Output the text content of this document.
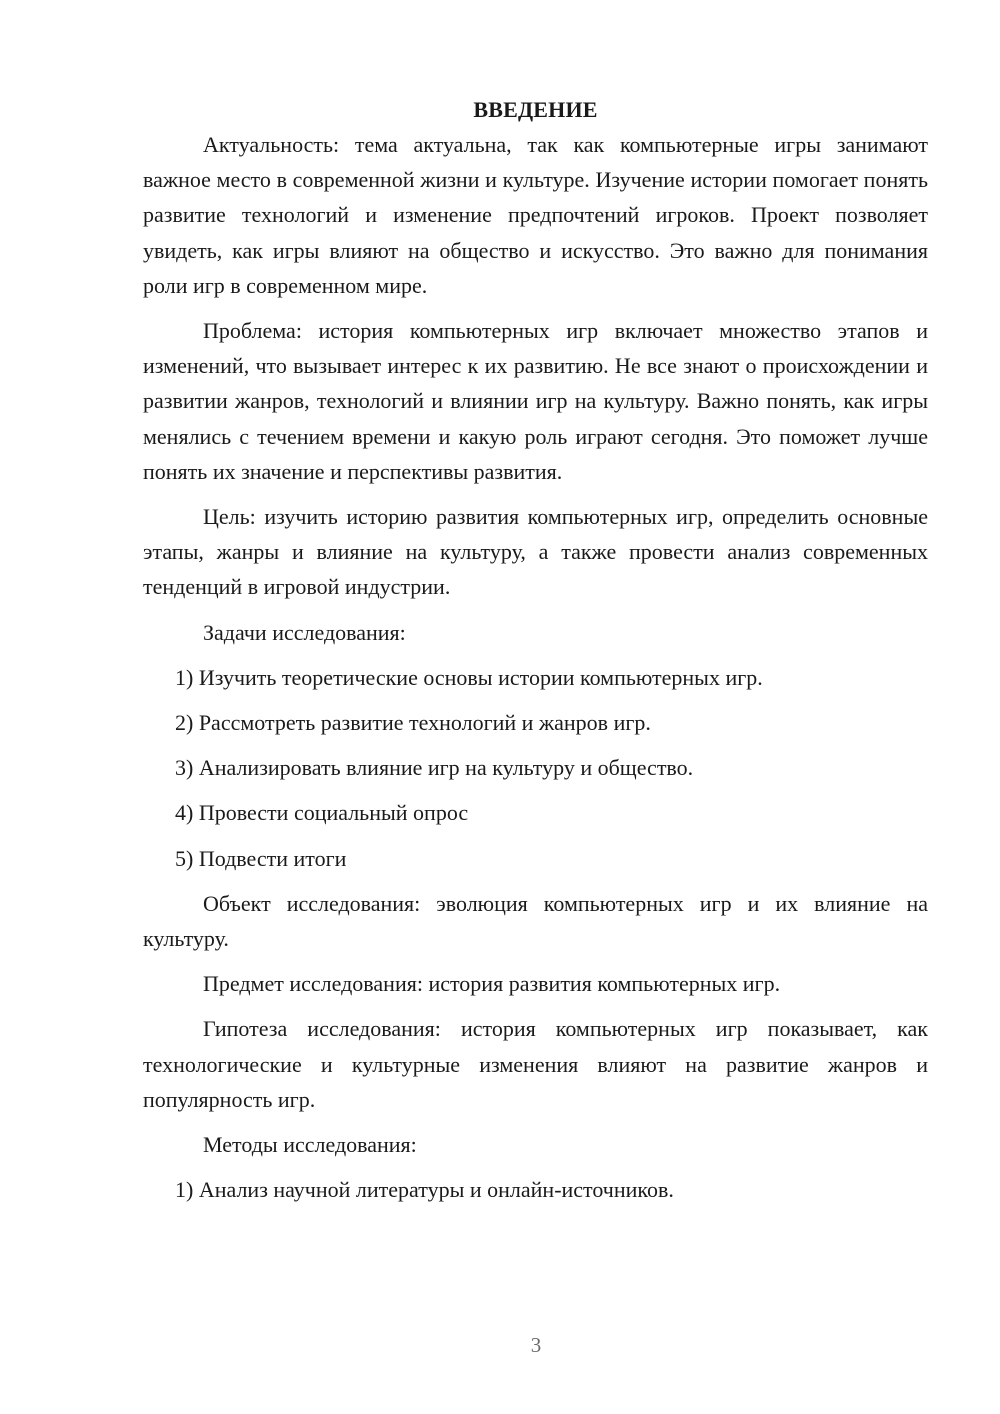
ВВЕДЕНИЕ

Актуальность: тема актуальна, так как компьютерные игры занимают важное место в современной жизни и культуре. Изучение истории помогает понять развитие технологий и изменение предпочтений игроков. Проект позволяет увидеть, как игры влияют на общество и искусство. Это важно для понимания роли игр в современном мире.

Проблема: история компьютерных игр включает множество этапов и изменений, что вызывает интерес к их развитию. Не все знают о происхождении и развитии жанров, технологий и влиянии игр на культуру. Важно понять, как игры менялись с течением времени и какую роль играют сегодня. Это поможет лучше понять их значение и перспективы развития.

Цель: изучить историю развития компьютерных игр, определить основные этапы, жанры и влияние на культуру, а также провести анализ современных тенденций в игровой индустрии.

Задачи исследования:

1) Изучить теоретические основы истории компьютерных игр.

2) Рассмотреть развитие технологий и жанров игр.

3) Анализировать влияние игр на культуру и общество.

4) Провести социальный опрос

5) Подвести итоги

Объект исследования: эволюция компьютерных игр и их влияние на культуру.

Предмет исследования: история развития компьютерных игр.

Гипотеза исследования: история компьютерных игр показывает, как технологические и культурные изменения влияют на развитие жанров и популярность игр.

Методы исследования:

1) Анализ научной литературы и онлайн-источников.

3
